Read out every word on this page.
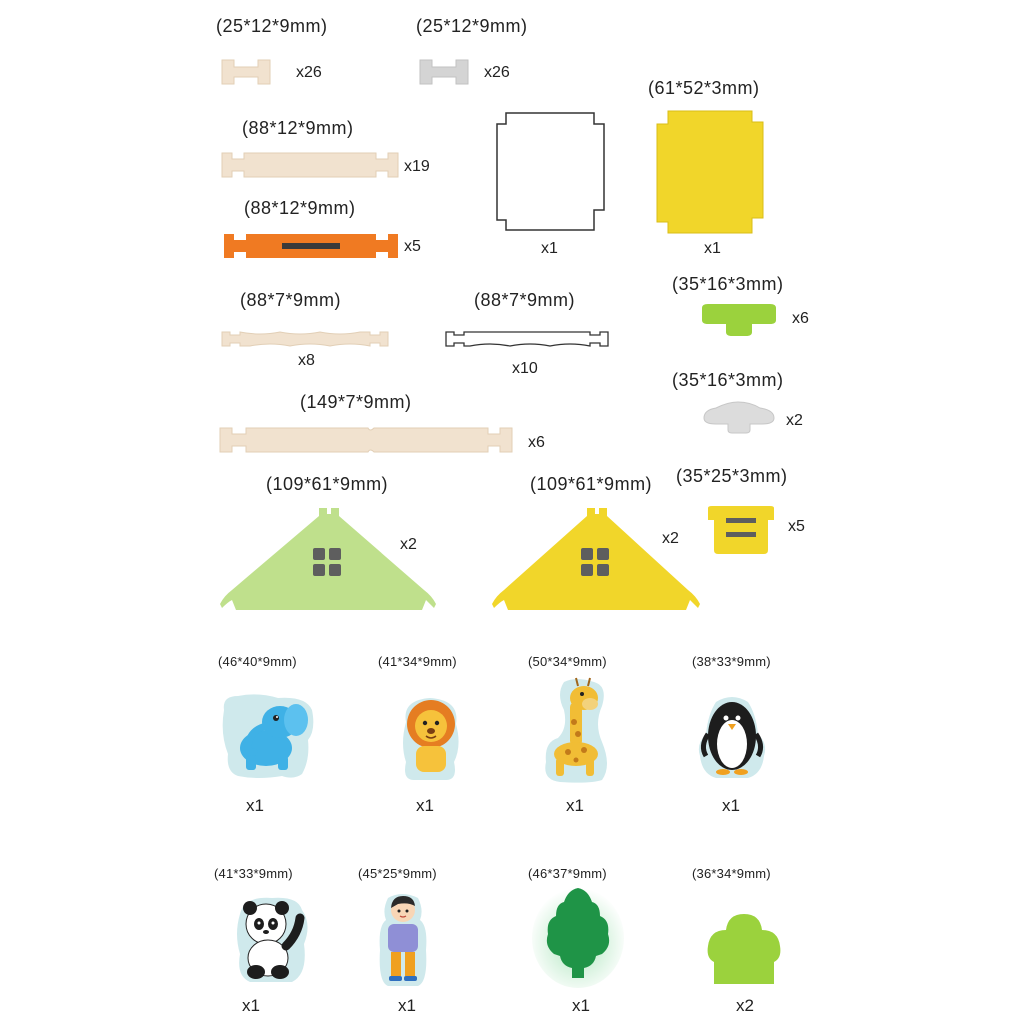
(25*12*9mm)
x26
(25*12*9mm)
x26
x1
(61*52*3mm)
x1
(88*12*9mm)
x19
(88*12*9mm)
x5
(88*7*9mm)
x8
(88*7*9mm)
x10
(35*16*3mm)
x6
(35*16*3mm)
x2
(149*7*9mm)
x6
(109*61*9mm)
x2
(109*61*9mm)
x2
(35*25*3mm)
x5
(46*40*9mm)
x1
(41*34*9mm)
x1
(50*34*9mm)
x1
(38*33*9mm)
x1
(41*33*9mm)
x1
(45*25*9mm)
x1
(46*37*9mm)
x1
(36*34*9mm)
x2
